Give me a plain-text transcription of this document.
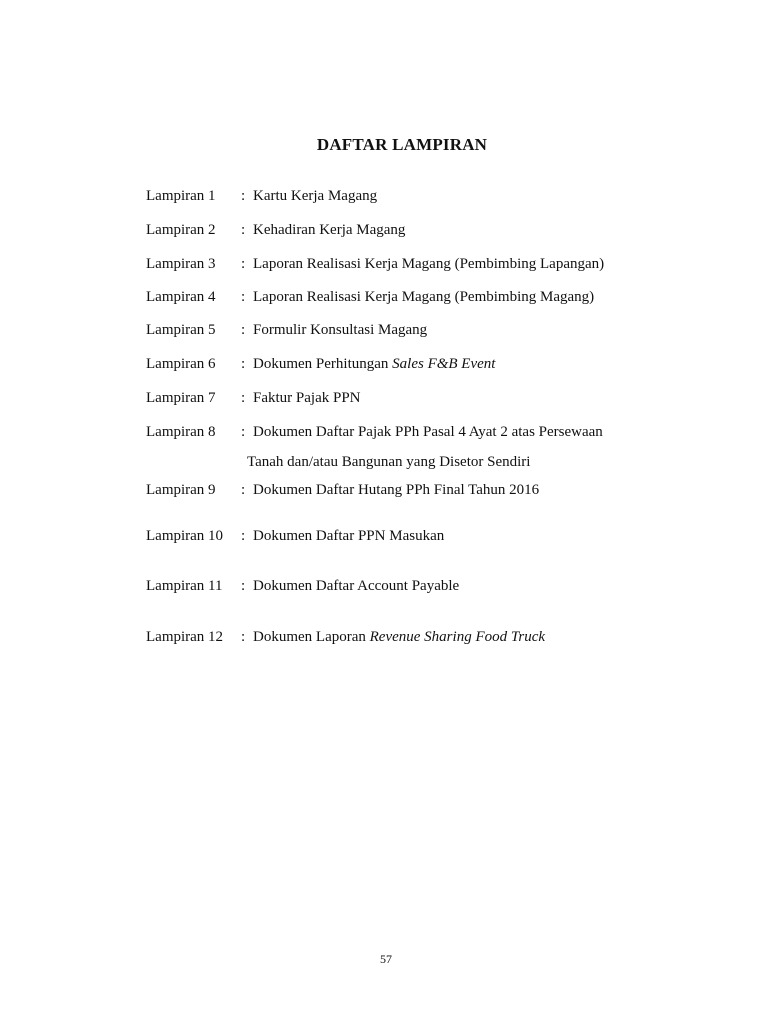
DAFTAR LAMPIRAN
Lampiran 1 : Kartu Kerja Magang
Lampiran 2 : Kehadiran Kerja Magang
Lampiran 3 : Laporan Realisasi Kerja Magang (Pembimbing Lapangan)
Lampiran 4 : Laporan Realisasi Kerja Magang (Pembimbing Magang)
Lampiran 5 : Formulir Konsultasi Magang
Lampiran 6 : Dokumen Perhitungan Sales F&B Event
Lampiran 7 : Faktur Pajak PPN
Lampiran 8 : Dokumen Daftar Pajak PPh Pasal 4 Ayat 2 atas Persewaan
Tanah dan/atau Bangunan yang Disetor Sendiri
Lampiran 9 : Dokumen Daftar Hutang PPh Final Tahun 2016
Lampiran 10 : Dokumen Daftar PPN Masukan
Lampiran 11 : Dokumen Daftar Account Payable
Lampiran 12 : Dokumen Laporan Revenue Sharing Food Truck
57
